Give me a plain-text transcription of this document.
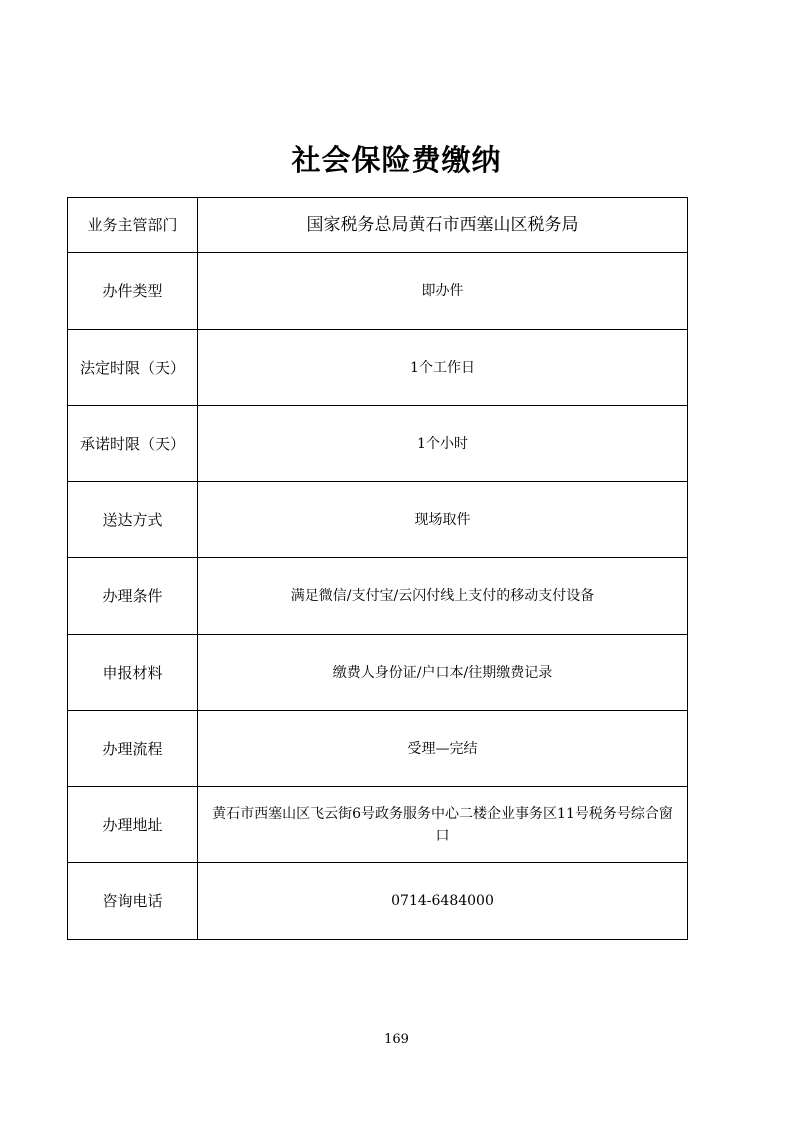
社会保险费缴纳
业务主管部门	国家税务总局黄石市西塞山区税务局
办件类型	即办件
法定时限（天）	1个工作日
承诺时限（天）	1个小时
送达方式	现场取件
办理条件	满足微信/支付宝/云闪付线上支付的移动支付设备
申报材料	缴费人身份证/户口本/往期缴费记录
办理流程	受理—完结
办理地址	黄石市西塞山区飞云街6号政务服务中心二楼企业事务区11号税务号综合窗口
咨询电话	0714-6484000
169
